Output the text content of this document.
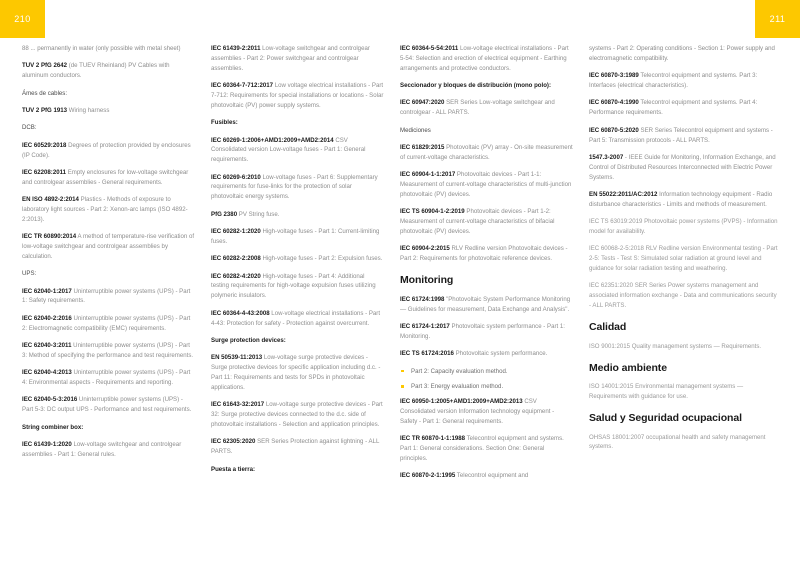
210	211
88 ... permanently in water (only possible with metal sheet)
TUV 2 PfG 2642 (de TUEV Rheinland) PV Cables with aluminum conductors.
Ámes de cables:
TUV 2 PfG 1913 Wiring harness
DCB:
IEC 60529:2018 Degrees of protection provided by enclosures (IP Code).
IEC 62208:2011 Empty enclosures for low-voltage switchgear and controlgear assemblies - General requirements.
EN ISO 4892-2:2014 Plastics - Methods of exposure to laboratory light sources - Part 2: Xenon-arc lamps (ISO 4892-2:2013).
IEC TR 60890:2014 A method of temperature-rise verification of low-voltage switchgear and controlgear assemblies by calculation.
UPS:
IEC 62040-1:2017 Uninterruptible power systems (UPS) - Part 1: Safety requirements.
IEC 62040-2:2016 Uninterruptible power systems (UPS) - Part 2: Electromagnetic compatibility (EMC) requirements.
IEC 62040-3:2011 Uninterruptible power systems (UPS) - Part 3: Method of specifying the performance and test requirements.
IEC 62040-4:2013 Uninterruptible power systems (UPS) - Part 4: Environmental aspects - Requirements and reporting.
IEC 62040-5-3:2016 Uninterruptible power systems (UPS) - Part 5-3: DC output UPS - Performance and test requirements.
String combiner box:
IEC 61439-1:2020 Low-voltage switchgear and controlgear assemblies - Part 1: General rules.
IEC 61439-2:2011 Low-voltage switchgear and controlgear assemblies - Part 2: Power switchgear and controlgear assemblies.
IEC 60364-7-712:2017 Low voltage electrical installations - Part 7-712: Requirements for special installations or locations - Solar photovoltaic (PV) power supply systems.
Fusibles:
IEC 60269-1:2006+AMD1:2009+AMD2:2014 CSV Consolidated version Low-voltage fuses - Part 1: General requirements.
IEC 60269-6:2010 Low-voltage fuses - Part 6: Supplementary requirements for fuse-links for the protection of solar photovoltaic energy systems.
PfG 2380 PV String fuse.
IEC 60282-1:2020 High-voltage fuses - Part 1: Current-limiting fuses.
IEC 60282-2:2008 High-voltage fuses - Part 2: Expulsion fuses.
IEC 60282-4:2020 High-voltage fuses - Part 4: Additional testing requirements for high-voltage expulsion fuses utilizing polymeric insulators.
IEC 60364-4-43:2008 Low-voltage electrical installations - Part 4-43: Protection for safety - Protection against overcurrent.
Surge protection devices:
EN 50539-11:2013 Low-voltage surge protective devices - Surge protective devices for specific application including d.c. - Part 11: Requirements and tests for SPDs in photovoltaic applications.
IEC 61643-32:2017 Low-voltage surge protective devices - Part 32: Surge protective devices connected to the d.c. side of photovoltaic installations - Selection and application principles.
IEC 62305:2020 SER Series Protection against lightning - ALL PARTS.
Puesta a tierra:
IEC 60364-5-54:2011 Low-voltage electrical installations - Part 5-54: Selection and erection of electrical equipment - Earthing arrangements and protective conductors.
Seccionador y bloques de distribución (mono polo):
IEC 60947:2020 SER Series Low-voltage switchgear and controlgear - ALL PARTS.
Mediciones
IEC 61829:2015 Photovoltaic (PV) array - On-site measurement of current-voltage characteristics.
IEC 60904-1-1:2017 Photovoltaic devices - Part 1-1: Measurement of current-voltage characteristics of multi-junction photovoltaic (PV) devices.
IEC TS 60904-1-2:2019 Photovoltaic devices - Part 1-2: Measurement of current-voltage characteristics of bifacial photovoltaic (PV) devices.
IEC 60904-2:2015 RLV Redline version Photovoltaic devices - Part 2: Requirements for photovoltaic reference devices.
Monitoring
IEC 61724:1998 "Photovoltaic System Performance Monitoring — Guidelines for measurement, Data Exchange and Analysis".
IEC 61724-1:2017 Photovoltaic system performance - Part 1: Monitoring.
IEC TS 61724:2016 Photovoltaic system performance.
Part 2: Capacity evaluation method.
Part 3: Energy evaluation method.
IEC 60950-1:2005+AMD1:2009+AMD2:2013 CSV Consolidated version Information technology equipment - Safety - Part 1: General requirements.
IEC TR 60870-1-1:1988 Telecontrol equipment and systems. Part 1: General considerations. Section One: General principles.
IEC 60870-2-1:1995 Telecontrol equipment and
systems - Part 2: Operating conditions - Section 1: Power supply and electromagnetic compatibility.
IEC 60870-3:1989 Telecontrol equipment and systems. Part 3: Interfaces (electrical characteristics).
IEC 60870-4:1990 Telecontrol equipment and systems. Part 4: Performance requirements.
IEC 60870-5:2020 SER Series Telecontrol equipment and systems - Part 5: Transmission protocols - ALL PARTS.
1547.3-2007 - IEEE Guide for Monitoring, Information Exchange, and Control of Distributed Resources Interconnected with Electric Power Systems.
EN 55022:2011/AC:2012 Information technology equipment - Radio disturbance characteristics - Limits and methods of measurement.
IEC TS 63019:2019 Photovoltaic power systems (PVPS) - Information model for availability.
IEC 60068-2-5:2018 RLV Redline version Environmental testing - Part 2-5: Tests - Test S: Simulated solar radiation at ground level and guidance for solar radiation testing and weathering.
IEC 62351:2020 SER Series Power systems management and associated information exchange - Data and communications security - ALL PARTS.
Calidad
ISO 9001:2015 Quality management systems — Requirements.
Medio ambiente
ISO 14001:2015 Environmental management systems — Requirements with guidance for use.
Salud y Seguridad ocupacional
OHSAS 18001:2007 occupational health and safety management systems.
